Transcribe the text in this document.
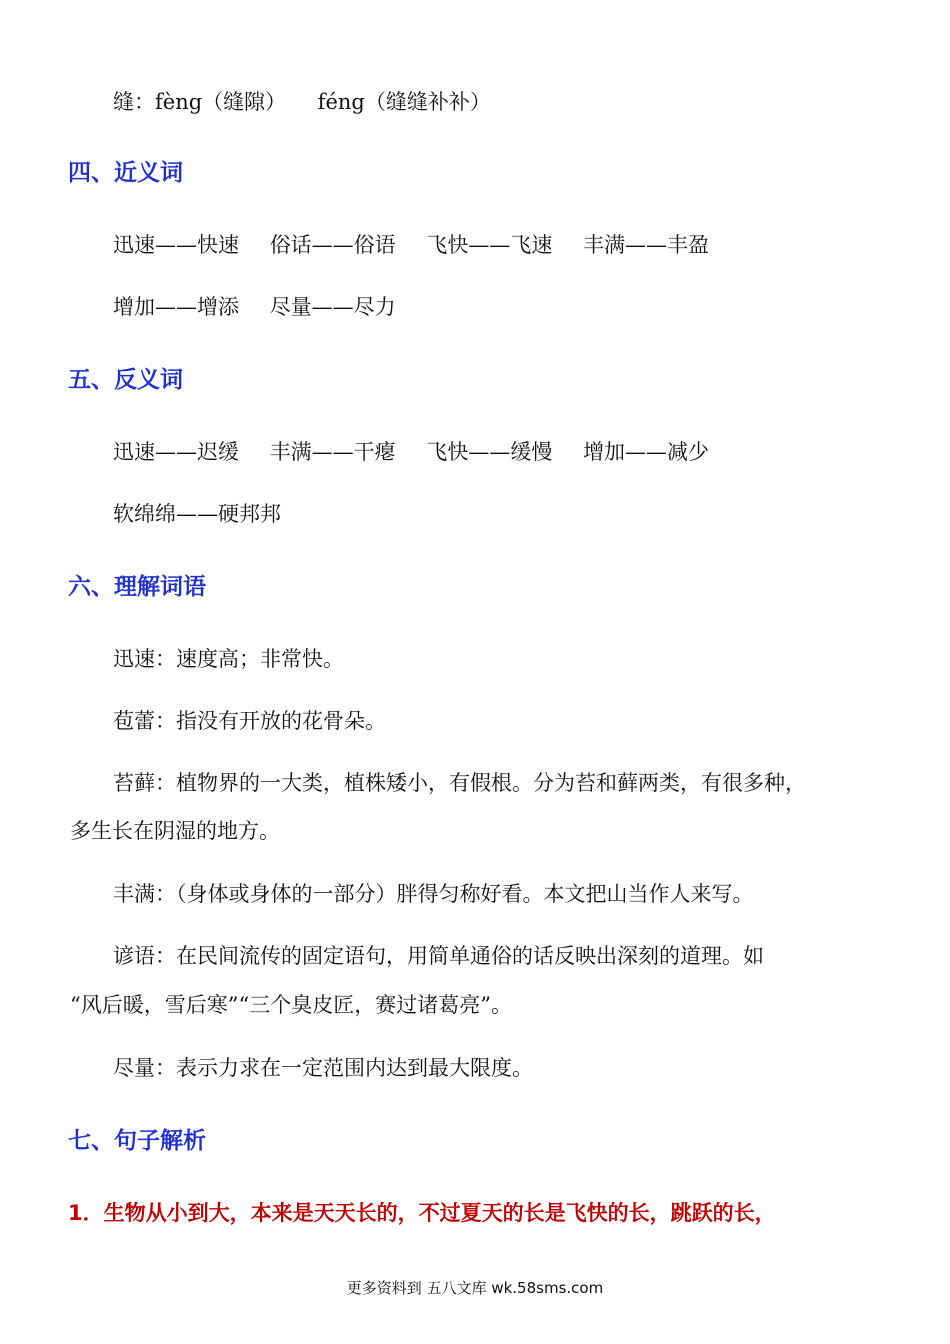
缝：fèng（缝隙）　　féng（缝缝补补）
四、近义词
迅速——快速 俗话——俗语 飞快——飞速 丰满——丰盈
增加——增添 尽量——尽力
五、反义词
迅速——迟缓 丰满——干瘪 飞快——缓慢 增加——减少
软绵绵——硬邦邦
六、理解词语
迅速：速度高；非常快。
苞蕾：指没有开放的花骨朵。
苔藓：植物界的一大类，植株矮小，有假根。分为苔和藓两类，有很多种，
多生长在阴湿的地方。
丰满：（身体或身体的一部分）胖得匀称好看。本文把山当作人来写。
谚语：在民间流传的固定语句，用简单通俗的话反映出深刻的道理。如
“风后暖，雪后寒”“三个臭皮匠，赛过诸葛亮”。
尽量：表示力求在一定范围内达到最大限度。
七、句子解析
1．生物从小到大，本来是天天长的，不过夏天的长是飞快的长，跳跃的长，
更多资料到 五八文库 wk.58sms.com
